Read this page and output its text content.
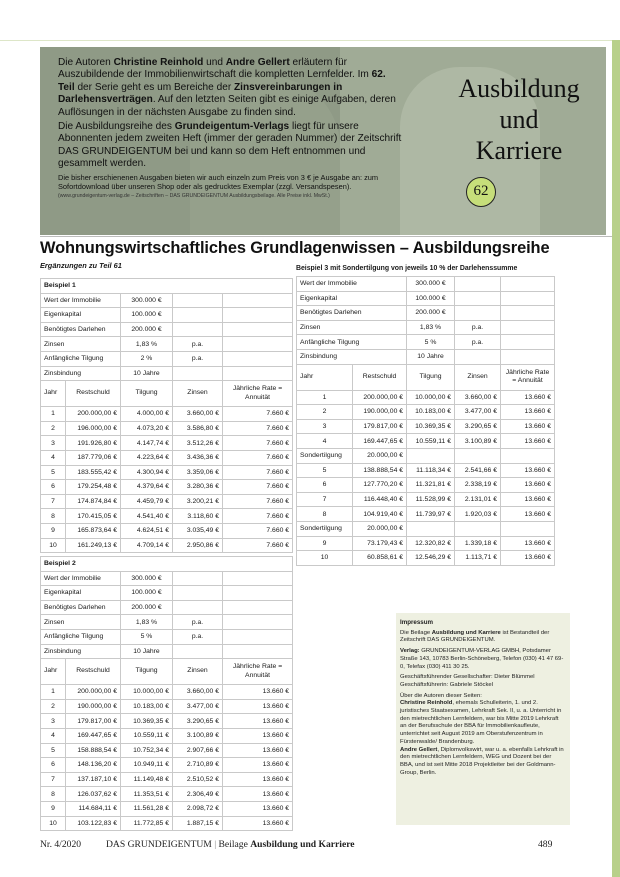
Die Autoren Christine Reinhold und Andre Gellert erläutern für Auszubildende der Immobilienwirtschaft die kompletten Lernfelder. Im 62. Teil der Serie geht es um Bereiche der Zinsvereinbarungen in Darlehensverträgen. Auf den letzten Seiten gibt es einige Aufgaben, deren Auflösungen in der nächsten Ausgabe zu finden sind.

Die Ausbildungsreihe des Grundeigentum-Verlags liegt für unsere Abonnenten jedem zweiten Heft (immer der geraden Nummer) der Zeitschrift DAS GRUNDEIGENTUM bei und kann so dem Heft entnommen und gesammelt werden.

Die bisher erschienenen Ausgaben bieten wir auch einzeln zum Preis von 3 € je Ausgabe an: zum Sofortdownload über unseren Shop oder als gedrucktes Exemplar (zzgl. Versandspesen).

(www.grundeigentum-verlag.de – Zeitschriften – DAS GRUNDEIGENTUM Ausbildungsbeilage. Alle Preise inkl. MwSt.)

Ausbildung
und
Karriere
62
Wohnungswirtschaftliches Grundlagenwissen – Ausbildungsreihe
Ergänzungen zu Teil 61
Beispiel 1				
Wert der Immobilie		300.000 €		
Eigenkapital		100.000 €		
Benötigtes Darlehen		200.000 €		
Zinsen		1,83 %	p.a.	
Anfängliche Tilgung		2 %	p.a.	
Zinsbindung		10 Jahre		
Jahr	Restschuld	Tilgung	Zinsen	Jährliche Rate = Annuität
1	200.000,00 €	4.000,00 €	3.660,00 €	7.660 €
2	196.000,00 €	4.073,20 €	3.586,80 €	7.660 €
3	191.926,80 €	4.147,74 €	3.512,26 €	7.660 €
4	187.779,06 €	4.223,64 €	3.436,36 €	7.660 €
5	183.555,42 €	4.300,94 €	3.359,06 €	7.660 €
6	179.254,48 €	4.379,64 €	3.280,36 €	7.660 €
7	174.874,84 €	4.459,79 €	3.200,21 €	7.660 €
8	170.415,05 €	4.541,40 €	3.118,60 €	7.660 €
9	165.873,64 €	4.624,51 €	3.035,49 €	7.660 €
10	161.249,13 €	4.709,14 €	2.950,86 €	7.660 €
Beispiel 2				
Wert der Immobilie		300.000 €		
Eigenkapital		100.000 €		
Benötigtes Darlehen		200.000 €		
Zinsen		1,83 %	p.a.	
Anfängliche Tilgung		5 %	p.a.	
Zinsbindung		10 Jahre		
Jahr	Restschuld	Tilgung	Zinsen	Jährliche Rate = Annuität
1	200.000,00 €	10.000,00 €	3.660,00 €	13.660 €
2	190.000,00 €	10.183,00 €	3.477,00 €	13.660 €
3	179.817,00 €	10.369,35 €	3.290,65 €	13.660 €
4	169.447,65 €	10.559,11 €	3.100,89 €	13.660 €
5	158.888,54 €	10.752,34 €	2.907,66 €	13.660 €
6	148.136,20 €	10.949,11 €	2.710,89 €	13.660 €
7	137.187,10 €	11.149,48 €	2.510,52 €	13.660 €
8	126.037,62 €	11.353,51 €	2.306,49 €	13.660 €
9	114.684,11 €	11.561,28 €	2.098,72 €	13.660 €
10	103.122,83 €	11.772,85 €	1.887,15 €	13.660 €
Beispiel 3 mit Sondertilgung von jeweils 10 % der Darlehenssumme
Wert der Immobilie		300.000 €		
Eigenkapital		100.000 €		
Benötigtes Darlehen		200.000 €		
Zinsen		1,83 %	p.a.	
Anfängliche Tilgung		5 %	p.a.	
Zinsbindung		10 Jahre		
Jahr	Restschuld	Tilgung	Zinsen	Jährliche Rate = Annuität
1	200.000,00 €	10.000,00 €	3.660,00 €	13.660 €
2	190.000,00 €	10.183,00 €	3.477,00 €	13.660 €
3	179.817,00 €	10.369,35 €	3.290,65 €	13.660 €
4	169.447,65 €	10.559,11 €	3.100,89 €	13.660 €
Sondertilgung	20.000,00 €			
5	138.888,54 €	11.118,34 €	2.541,66 €	13.660 €
6	127.770,20 €	11.321,81 €	2.338,19 €	13.660 €
7	116.448,40 €	11.528,99 €	2.131,01 €	13.660 €
8	104.919,40 €	11.739,97 €	1.920,03 €	13.660 €
Sondertilgung	20.000,00 €			
9	73.179,43 €	12.320,82 €	1.339,18 €	13.660 €
10	60.858,61 €	12.546,29 €	1.113,71 €	13.660 €
Impressum

Die Beilage Ausbildung und Karriere ist Bestandteil der Zeitschrift DAS GRUNDEIGENTUM.

Verlag: GRUNDEIGENTUM-VERLAG GMBH, Potsdamer Straße 143, 10783 Berlin-Schöneberg, Telefon (030) 41 47 69-0, Telefax (030) 411 30 25.

Geschäftsführender Gesellschafter: Dieter Blümmel Geschäftsführerin: Gabriele Stöckel

Über die Autoren dieser Seiten:

Christine Reinhold, ehemals Schulleiterin, 1. und 2. juristisches Staatsexamen, Lehrkraft Sek. II, u. a. Unterricht in den mietrechtlichen Lernfeldern, war bis Mitte 2019 Lehrkraft an der Berufsschule der BBA für Immobilienkaufleute, unterrichtet seit August 2019 am Oberstufenzentrum in Fürstenwalde/ Brandenburg.

Andre Gellert, Diplomvolkswirt, war u. a. ebenfalls Lehrkraft in den mietrechtlichen Lernfeldern, WEG und Dozent bei der BBA, und ist seit Mitte 2018 Projektleiter bei der Goldmann-Group, Berlin.

Nr. 4/2020	DAS GRUNDEIGENTUM | Beilage Ausbildung und Karriere	489
